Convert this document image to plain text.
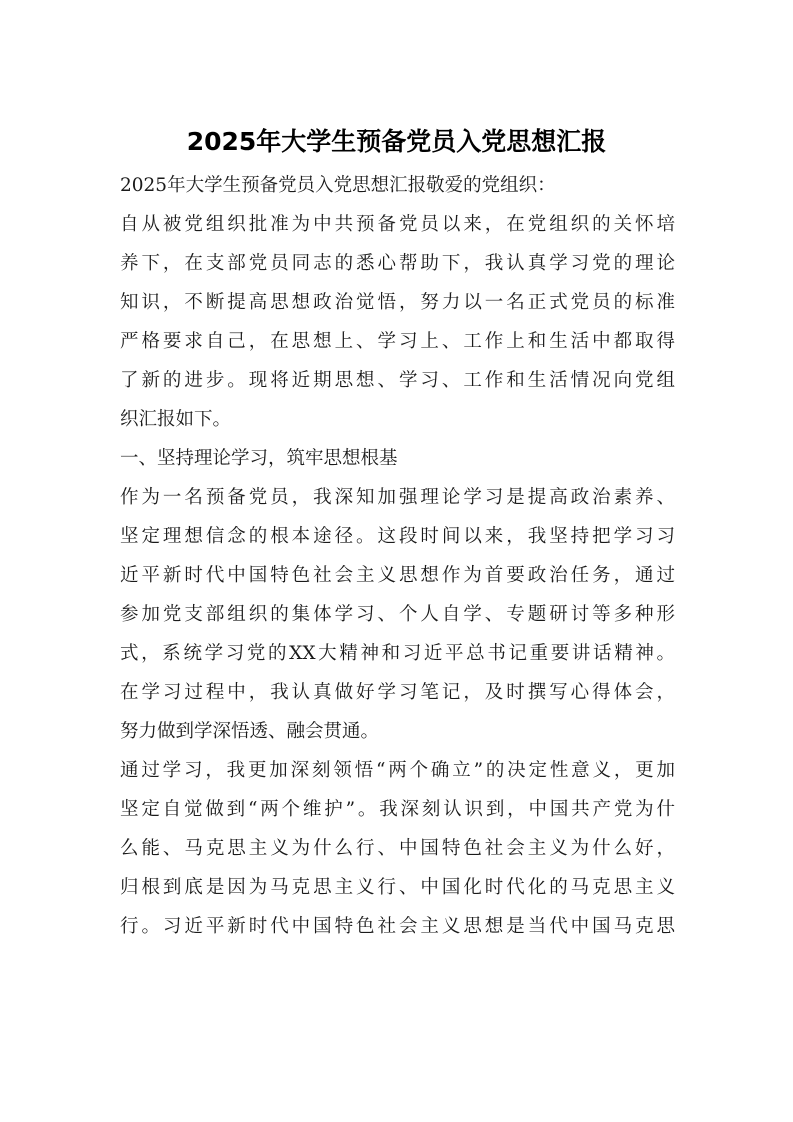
2025年大学生预备党员入党思想汇报
2025年大学生预备党员入党思想汇报敬爱的党组织：
自从被党组织批准为中共预备党员以来，在党组织的关怀培
养下，在支部党员同志的悉心帮助下，我认真学习党的理论
知识，不断提高思想政治觉悟，努力以一名正式党员的标准
严格要求自己，在思想上、学习上、工作上和生活中都取得
了新的进步。现将近期思想、学习、工作和生活情况向党组
织汇报如下。
一、坚持理论学习，筑牢思想根基
作为一名预备党员，我深知加强理论学习是提高政治素养、
坚定理想信念的根本途径。这段时间以来，我坚持把学习习
近平新时代中国特色社会主义思想作为首要政治任务，通过
参加党支部组织的集体学习、个人自学、专题研讨等多种形
式，系统学习党的XX大精神和习近平总书记重要讲话精神。
在学习过程中，我认真做好学习笔记，及时撰写心得体会，
努力做到学深悟透、融会贯通。
通过学习，我更加深刻领悟“两个确立”的决定性意义，更加
坚定自觉做到“两个维护”。我深刻认识到，中国共产党为什
么能、马克思主义为什么行、中国特色社会主义为什么好，
归根到底是因为马克思主义行、中国化时代化的马克思主义
行。习近平新时代中国特色社会主义思想是当代中国马克思
